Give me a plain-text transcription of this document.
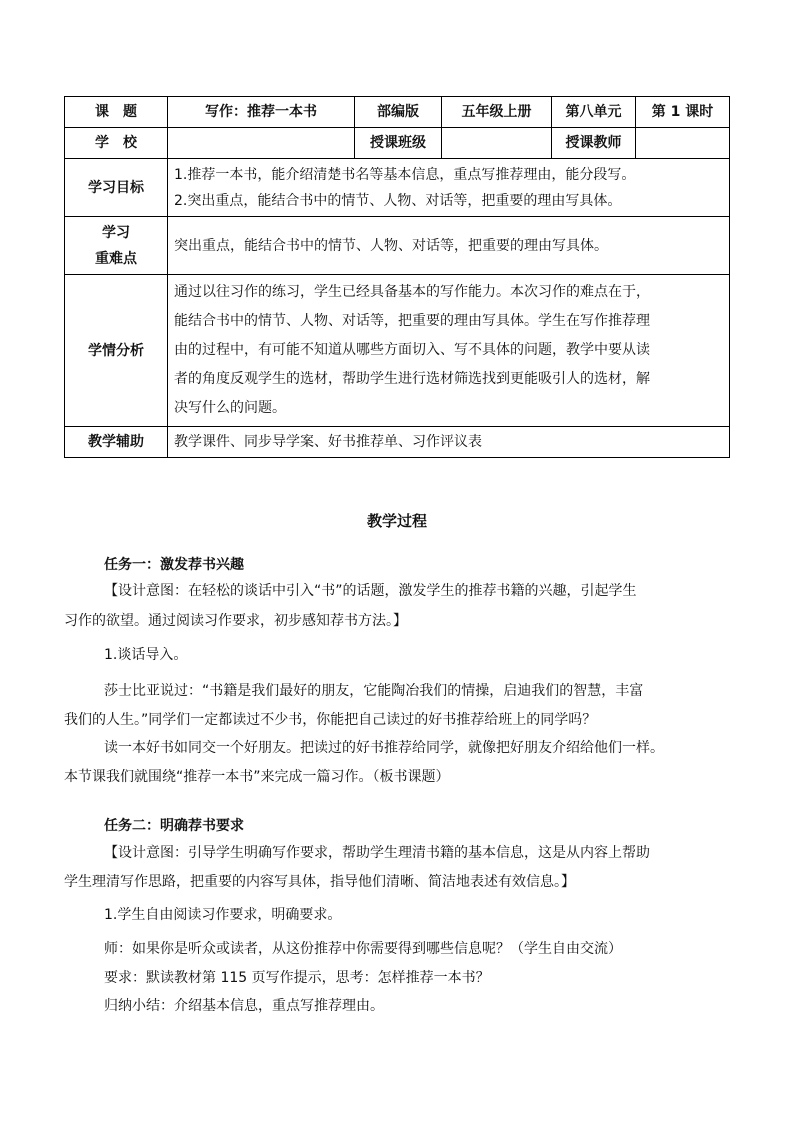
课　题	写作：推荐一本书	部编版	五年级上册	第八单元	第 1 课时
学　校		授课班级		授课教师	
学习目标	1.推荐一本书，能介绍清楚书名等基本信息，重点写推荐理由，能分段写。
2.突出重点，能结合书中的情节、人物、对话等，把重要的理由写具体。				

学习
重难点	突出重点，能结合书中的情节、人物、对话等，把重要的理由写具体。				
学情分析	通过以往习作的练习，学生已经具备基本的写作能力。本次习作的难点在于，
能结合书中的情节、人物、对话等，把重要的理由写具体。学生在写作推荐理
由的过程中，有可能不知道从哪些方面切入、写不具体的问题，教学中要从读
者的角度反观学生的选材，帮助学生进行选材筛选找到更能吸引人的选材，解
决写什么的问题。				

教学辅助	教学课件、同步导学案、好书推荐单、习作评议表				
教学过程
任务一：激发荐书兴趣
【设计意图：在轻松的谈话中引入“书”的话题，激发学生的推荐书籍的兴趣，引起学生
习作的欲望。通过阅读习作要求，初步感知荐书方法。】
1.谈话导入。
莎士比亚说过：“书籍是我们最好的朋友，它能陶冶我们的情操，启迪我们的智慧，丰富
我们的人生。”同学们一定都读过不少书，你能把自己读过的好书推荐给班上的同学吗？
读一本好书如同交一个好朋友。把读过的好书推荐给同学，就像把好朋友介绍给他们一样。
本节课我们就围绕“推荐一本书”来完成一篇习作。（板书课题）
任务二：明确荐书要求
【设计意图：引导学生明确写作要求，帮助学生理清书籍的基本信息，这是从内容上帮助
学生理清写作思路，把重要的内容写具体，指导他们清晰、简洁地表述有效信息。】
1.学生自由阅读习作要求，明确要求。
师：如果你是听众或读者，从这份推荐中你需要得到哪些信息呢？（学生自由交流）
要求：默读教材第 115 页写作提示，思考：怎样推荐一本书？
归纳小结：介绍基本信息，重点写推荐理由。
